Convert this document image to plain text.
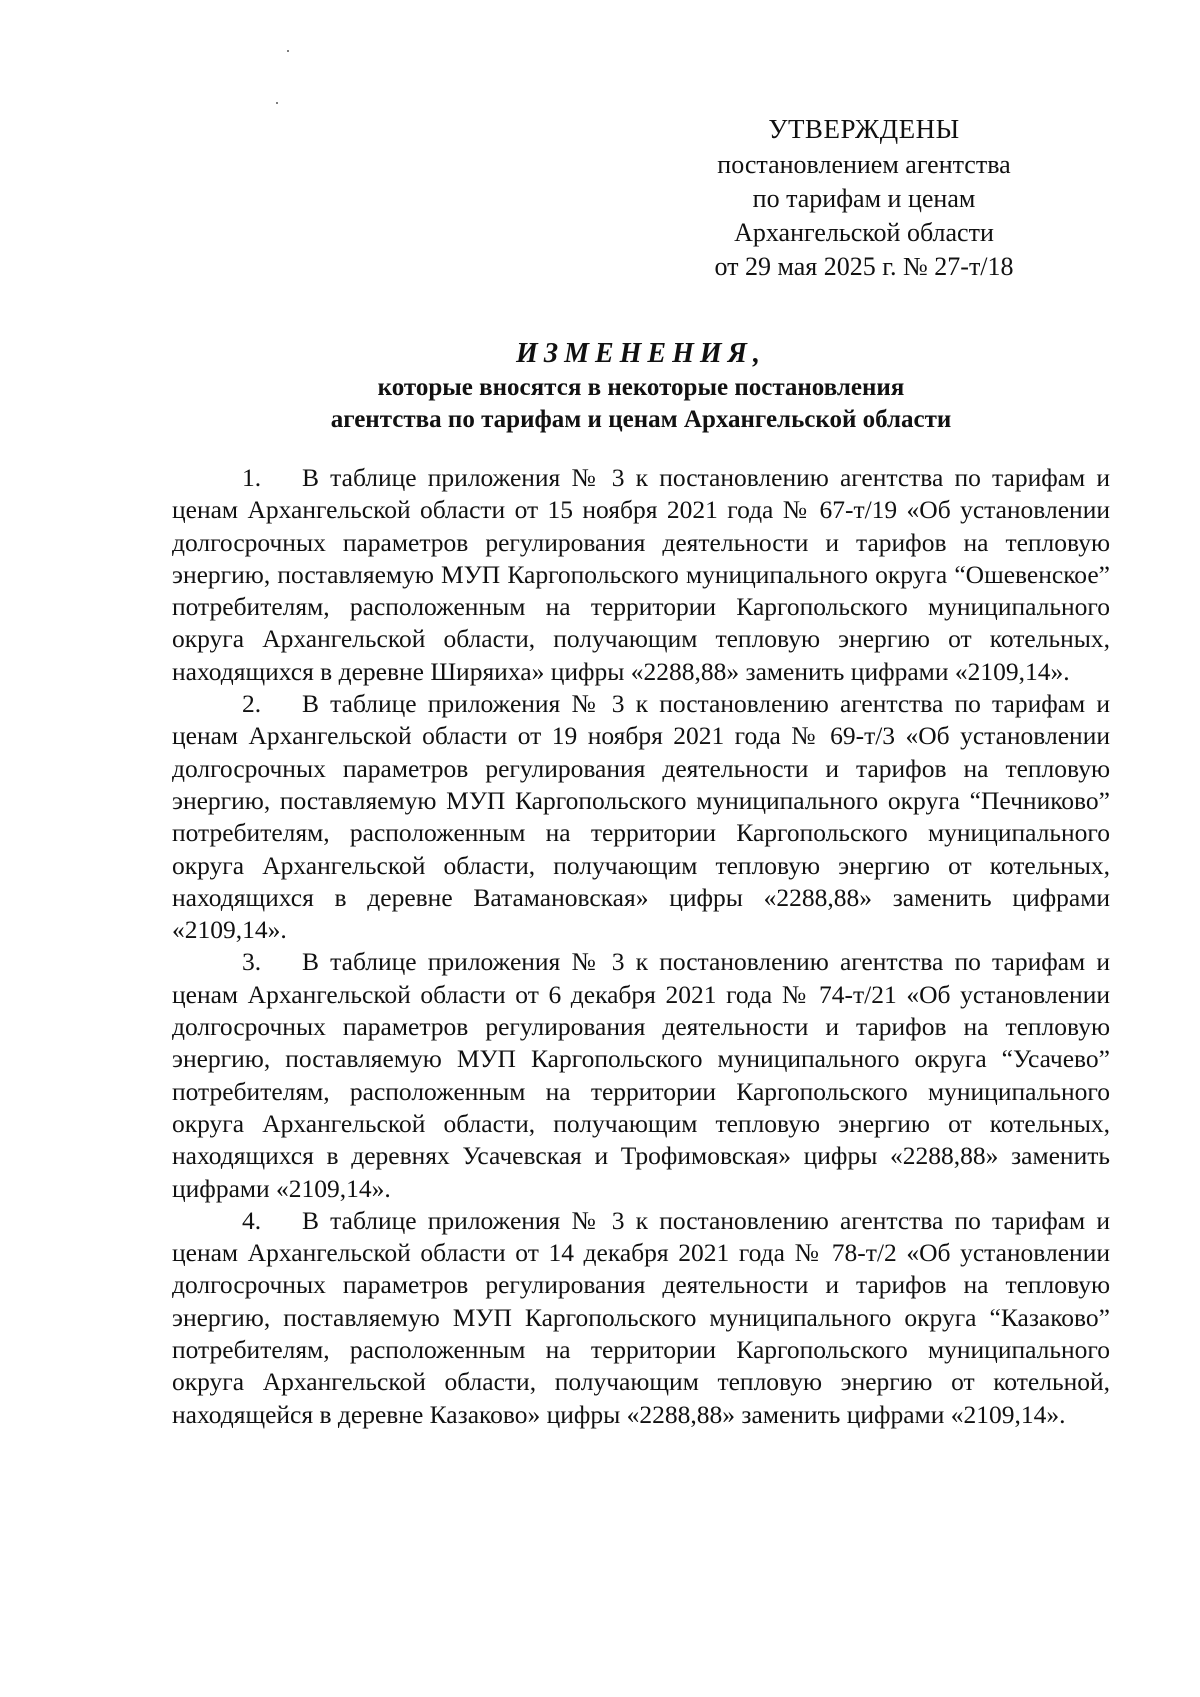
УТВЕРЖДЕНЫ
постановлением агентства
по тарифам и ценам
Архангельской области
от 29 мая 2025 г. № 27-т/18
ИЗМЕНЕНИЯ,
которые вносятся в некоторые постановления
агентства по тарифам и ценам Архангельской области

1. В таблице приложения № 3 к постановлению агентства по тарифам и ценам Архангельской области от 15 ноября 2021 года № 67-т/19 «Об установлении долгосрочных параметров регулирования деятельности и тарифов на тепловую энергию, поставляемую МУП Каргопольского муниципального округа “Ошевенское” потребителям, расположенным на территории Каргопольского муниципального округа Архангельской области, получающим тепловую энергию от котельных, находящихся в деревне Ширяиха» цифры «2288,88» заменить цифрами «2109,14».

2. В таблице приложения № 3 к постановлению агентства по тарифам и ценам Архангельской области от 19 ноября 2021 года № 69-т/3 «Об установлении долгосрочных параметров регулирования деятельности и тарифов на тепловую энергию, поставляемую МУП Каргопольского муниципального округа “Печниково” потребителям, расположенным на территории Каргопольского муниципального округа Архангельской области, получающим тепловую энергию от котельных, находящихся в деревне Ватамановская» цифры «2288,88» заменить цифрами «2109,14».

3. В таблице приложения № 3 к постановлению агентства по тарифам и ценам Архангельской области от 6 декабря 2021 года № 74-т/21 «Об установлении долгосрочных параметров регулирования деятельности и тарифов на тепловую энергию, поставляемую МУП Каргопольского муниципального округа “Усачево” потребителям, расположенным на территории Каргопольского муниципального округа Архангельской области, получающим тепловую энергию от котельных, находящихся в деревнях Усачевская и Трофимовская» цифры «2288,88» заменить цифрами «2109,14».

4. В таблице приложения № 3 к постановлению агентства по тарифам и ценам Архангельской области от 14 декабря 2021 года № 78-т/2 «Об установлении долгосрочных параметров регулирования деятельности и тарифов на тепловую энергию, поставляемую МУП Каргопольского муниципального округа “Казаково” потребителям, расположенным на территории Каргопольского муниципального округа Архангельской области, получающим тепловую энергию от котельной, находящейся в деревне Казаково» цифры «2288,88» заменить цифрами «2109,14».
